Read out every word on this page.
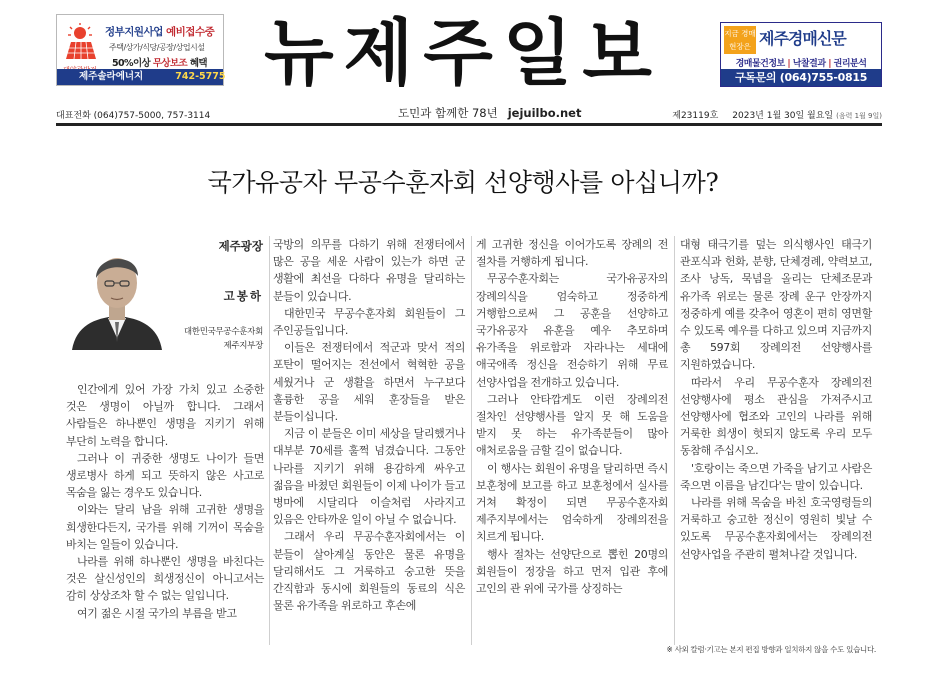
정부지원사업 예비접수중
주택/상가/식당/공장/상업시설
50%이상 무상보조 혜택
제주솔라에너지	742-5775 뉴제주일보	지금 경매 현장은 제주경매신문
경매물건정보 | 낙찰결과 | 권리분석
구독문의 (064)755-0815
대표전화 (064)757-5000, 757-3114	도민과 함께한 78년 jejuilbo.net	제23119호 2023년 1월 30일 월요일 (음력 1월 9일)
국가유공자 무공수훈자회 선양행사를 아십니까?
제주광장
고봉하
대한민국무공수훈자회
제주지부장

인간에게 있어 가장 가치 있고 소중한 것은 생명이 아닐까 합니다. 그래서 사람들은 하나뿐인 생명을 지키기 위해 부단히 노력을 합니다.

그러나 이 귀중한 생명도 나이가 들면 생로병사 하게 되고 뜻하지 않은 사고로 목숨을 잃는 경우도 있습니다.

이와는 달리 남을 위해 고귀한 생명을 희생한다든지, 국가를 위해 기꺼이 목숨을 바치는 일들이 있습니다.

나라를 위해 하나뿐인 생명을 바친다는 것은 살신성인의 희생정신이 아니고서는 감히 상상조차 할 수 없는 일입니다.

여기 젊은 시절 국가의 부름을 받고

국방의 의무를 다하기 위해 전쟁터에서 많은 공을 세운 사람이 있는가 하면 군 생활에 최선을 다하다 유명을 달리하는 분들이 있습니다.

대한민국 무공수훈자회 회원들이 그 주인공들입니다.

이들은 전쟁터에서 적군과 맞서 적의 포탄이 떨어지는 전선에서 혁혁한 공을 세웠거나 군 생활을 하면서 누구보다 훌륭한 공을 세워 훈장들을 받은 분들이십니다.

지금 이 분들은 이미 세상을 달리했거나 대부분 70세를 훌쩍 넘겼습니다. 그동안 나라를 지키기 위해 용감하게 싸우고 젊음을 바쳤던 회원들이 이제 나이가 들고 병마에 시달리다 이슬처럼 사라지고 있음은 안타까운 일이 아닐 수 없습니다.

그래서 우리 무공수훈자회에서는 이 분들이 살아계실 동안은 물론 유명을 달리해서도 그 거룩하고 숭고한 뜻을 간직함과 동시에 회원들의 동료의 식은 물론 유가족을 위로하고 후손에

게 고귀한 정신을 이어가도록 장례의 전 절차를 거행하게 됩니다.

무공수훈자회는 국가유공자의 장례의식을 엄숙하고 정중하게 거행함으로써 그 공훈을 선양하고 국가유공자 유훈을 예우 추모하며 유가족을 위로함과 자라나는 세대에 애국애족 정신을 전승하기 위해 무료 선양사업을 전개하고 있습니다.

그러나 안타깝게도 이런 장례의전 절차인 선양행사를 알지 못 해 도움을 받지 못 하는 유가족분들이 많아 애처로움을 금할 길이 없습니다.

이 행사는 회원이 유명을 달리하면 즉시 보훈청에 보고를 하고 보훈청에서 실사를 거쳐 확정이 되면 무공수훈자회 제주지부에서는 엄숙하게 장례의전을 치르게 됩니다.

행사 절차는 선양단으로 뽑힌 20명의 회원들이 정장을 하고 먼저 입관 후에 고인의 관 위에 국가를 상징하는

대형 태극기를 덮는 의식행사인 태극기 관포식과 헌화, 분향, 단체경례, 약력보고, 조사 낭독, 묵념을 올리는 단체조문과 유가족 위로는 물론 장례 운구 안장까지 정중하게 예를 갖추어 영혼이 편히 영면할 수 있도록 예우를 다하고 있으며 지금까지 총 597회 장례의전 선양행사를 지원하였습니다.

따라서 우리 무공수훈자 장례의전 선양행사에 평소 관심을 가져주시고 선양행사에 협조와 고인의 나라를 위해 거룩한 희생이 헛되지 않도록 우리 모두 동참해 주십시오.

'호랑이는 죽으면 가죽을 남기고 사람은 죽으면 이름을 남긴다'는 말이 있습니다.

나라를 위해 목숨을 바친 호국영령들의 거룩하고 숭고한 정신이 영원히 빛날 수 있도록 무공수훈자회에서는 장례의전 선양사업을 주관히 펼쳐나갈 것입니다.

※ 사외 칼럼·기고는 본지 편집 방향과 일치하지 않을 수도 있습니다.
